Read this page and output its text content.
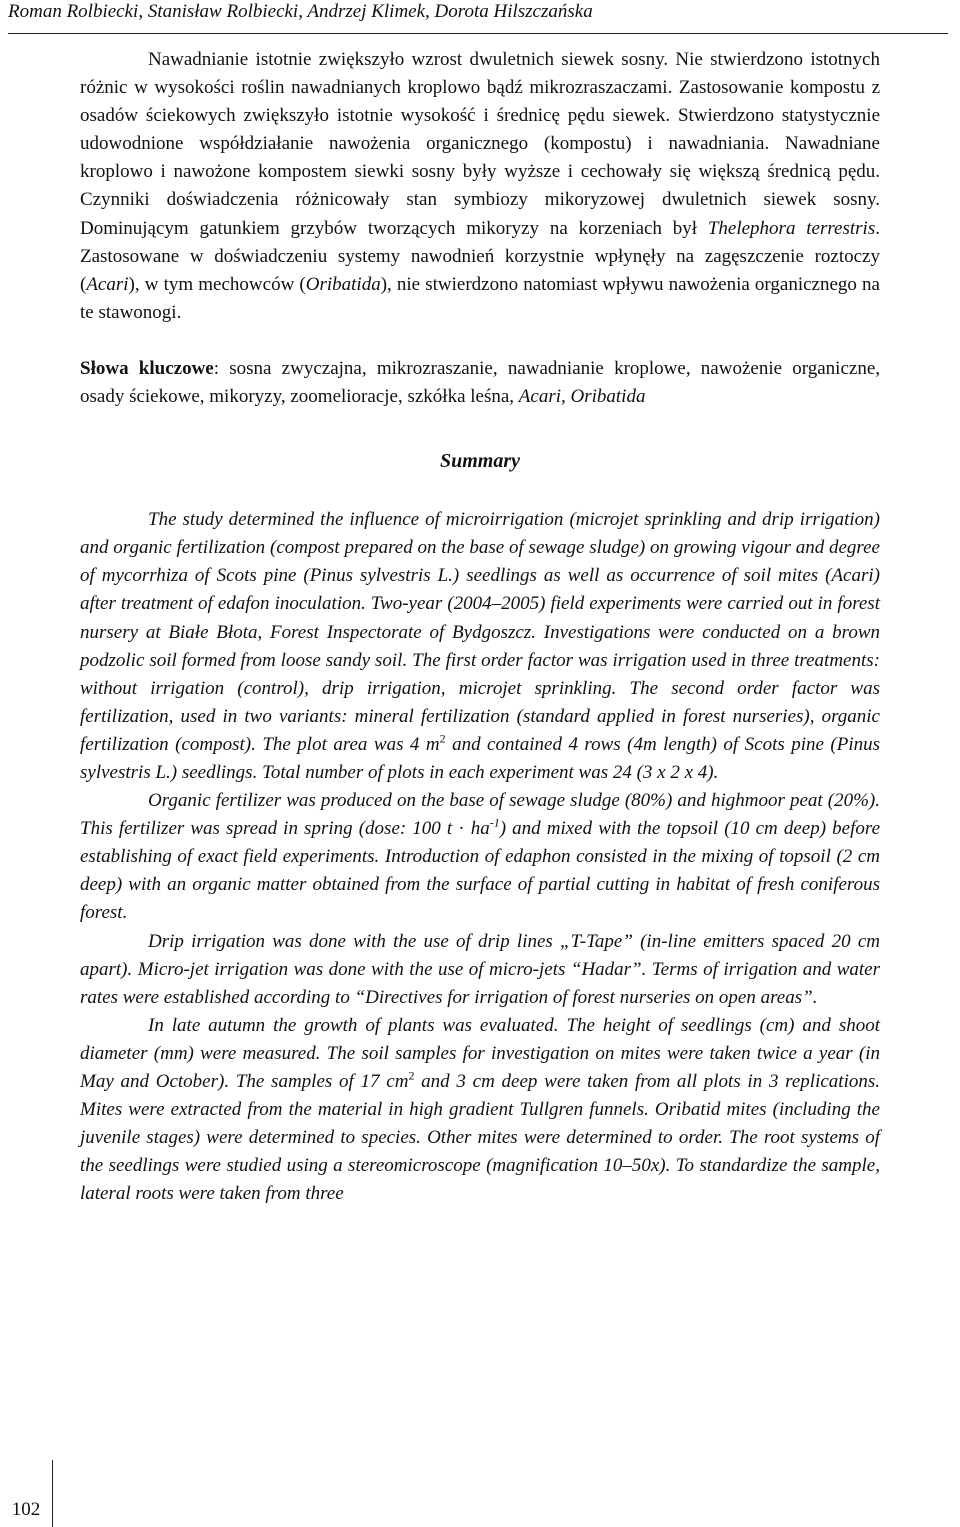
Roman Rolbiecki, Stanisław Rolbiecki, Andrzej Klimek, Dorota Hilszczańska

Nawadnianie istotnie zwiększyło wzrost dwuletnich siewek sosny. Nie stwierdzono istotnych różnic w wysokości roślin nawadnianych kroplowo bądź mikrozraszaczami. Zastosowanie kompostu z osadów ściekowych zwiększyło istotnie wysokość i średnicę pędu siewek. Stwierdzono statystycznie udowodnione współdziałanie nawożenia organicznego (kompostu) i nawadniania. Nawadniane kroplowo i nawożone kompostem siewki sosny były wyższe i cechowały się większą średnicą pędu. Czynniki doświadczenia różnicowały stan symbiozy mikoryzowej dwuletnich siewek sosny. Dominującym gatunkiem grzybów tworzących mikoryzy na korzeniach był Thelephora terrestris. Zastosowane w doświadczeniu systemy nawodnień korzystnie wpłynęły na zagęszczenie roztoczy (Acari), w tym mechowców (Oribatida), nie stwierdzono natomiast wpływu nawożenia organicznego na te stawonogi.

Słowa kluczowe: sosna zwyczajna, mikrozraszanie, nawadnianie kroplowe, nawożenie organiczne, osady ściekowe, mikoryzy, zoomelioracje, szkółka leśna, Acari, Oribatida
Summary

The study determined the influence of microirrigation (microjet sprinkling and drip irrigation) and organic fertilization (compost prepared on the base of sewage sludge) on growing vigour and degree of mycorrhiza of Scots pine (Pinus sylvestris L.) seedlings as well as occurrence of soil mites (Acari) after treatment of edafon inoculation. Two-year (2004–2005) field experiments were carried out in forest nursery at Białe Błota, Forest Inspectorate of Bydgoszcz. Investigations were conducted on a brown podzolic soil formed from loose sandy soil. The first order factor was irrigation used in three treatments: without irrigation (control), drip irrigation, microjet sprinkling. The second order factor was fertilization, used in two variants: mineral fertilization (standard applied in forest nurseries), organic fertilization (compost). The plot area was 4 $m^2$ and contained 4 rows (4m length) of Scots pine (Pinus sylvestris L.) seedlings. Total number of plots in each experiment was 24 (3 x 2 x 4).

Organic fertilizer was produced on the base of sewage sludge (80%) and highmoor peat (20%). This fertilizer was spread in spring (dose: 100 $t \cdot ha^{-1}$) and mixed with the topsoil (10 cm deep) before establishing of exact field experiments. Introduction of edaphon consisted in the mixing of topsoil (2 cm deep) with an organic matter obtained from the surface of partial cutting in habitat of fresh coniferous forest.

Drip irrigation was done with the use of drip lines „T-Tape” (in-line emitters spaced 20 cm apart). Micro-jet irrigation was done with the use of micro-jets “Hadar”. Terms of irrigation and water rates were established according to “Directives for irrigation of forest nurseries on open areas”.

In late autumn the growth of plants was evaluated. The height of seedlings (cm) and shoot diameter (mm) were measured. The soil samples for investigation on mites were taken twice a year (in May and October). The samples of 17 $cm^2$ and 3 cm deep were taken from all plots in 3 replications. Mites were extracted from the material in high gradient Tullgren funnels. Oribatid mites (including the juvenile stages) were determined to species. Other mites were determined to order. The root systems of the seedlings were studied using a stereomicroscope (magnification 10–50x). To standardize the sample, lateral roots were taken from three

102
